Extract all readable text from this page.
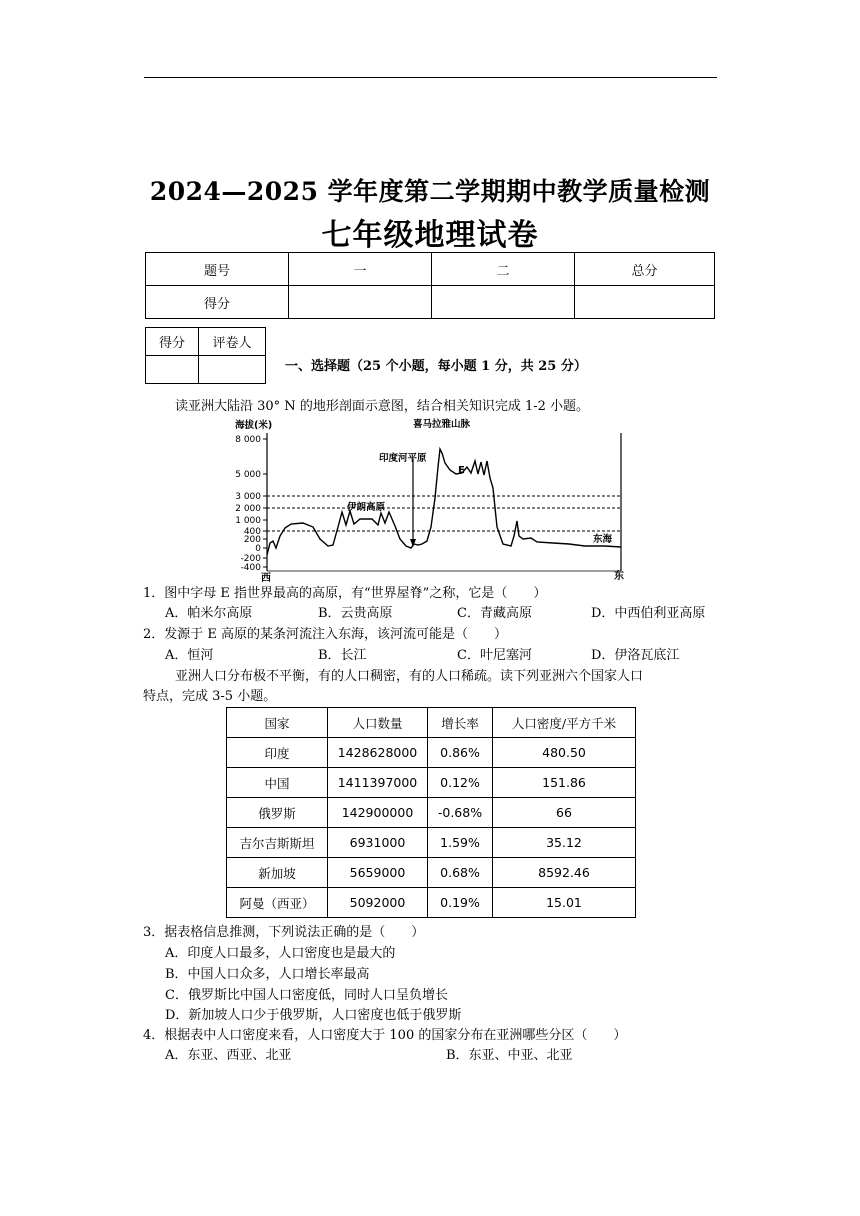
2024—2025 学年度第二学期期中教学质量检测
七年级地理试卷
题号	一	二	总分
得分			
得分	评卷人

一、选择题（25 个小题，每小题 1 分，共 25 分）
读亚洲大陆沿 30° N 的地形剖面示意图，结合相关知识完成 1-2 小题。
8 000
5 000
3 000
2 000
1 000
400
200
0
-200
-400
海拔(米)	喜马拉雅山脉
印度河平原
E
伊朗高原
东海
西	东
1．图中字母 E 指世界最高的高原，有“世界屋脊”之称，它是（　　）
A．帕米尔高原	B．云贵高原	C．青藏高原	D．中西伯利亚高原
2．发源于 E 高原的某条河流注入东海，该河流可能是（　　）
A．恒河	B．长江	C．叶尼塞河	D．伊洛瓦底江
亚洲人口分布极不平衡，有的人口稠密，有的人口稀疏。读下列亚洲六个国家人口
特点，完成 3-5 小题。
国家	人口数量	增长率	人口密度/平方千米
印度	1428628000	0.86%	480.50
中国	1411397000	0.12%	151.86
俄罗斯	142900000	-0.68%	66
吉尔吉斯斯坦	6931000	1.59%	35.12
新加坡	5659000	0.68%	8592.46
阿曼（西亚）	5092000	0.19%	15.01
3．据表格信息推测，下列说法正确的是（　　）
A．印度人口最多，人口密度也是最大的
B．中国人口众多，人口增长率最高
C．俄罗斯比中国人口密度低，同时人口呈负增长
D．新加坡人口少于俄罗斯，人口密度也低于俄罗斯
4．根据表中人口密度来看，人口密度大于 100 的国家分布在亚洲哪些分区（　　）
A．东亚、西亚、北亚	B．东亚、中亚、北亚
